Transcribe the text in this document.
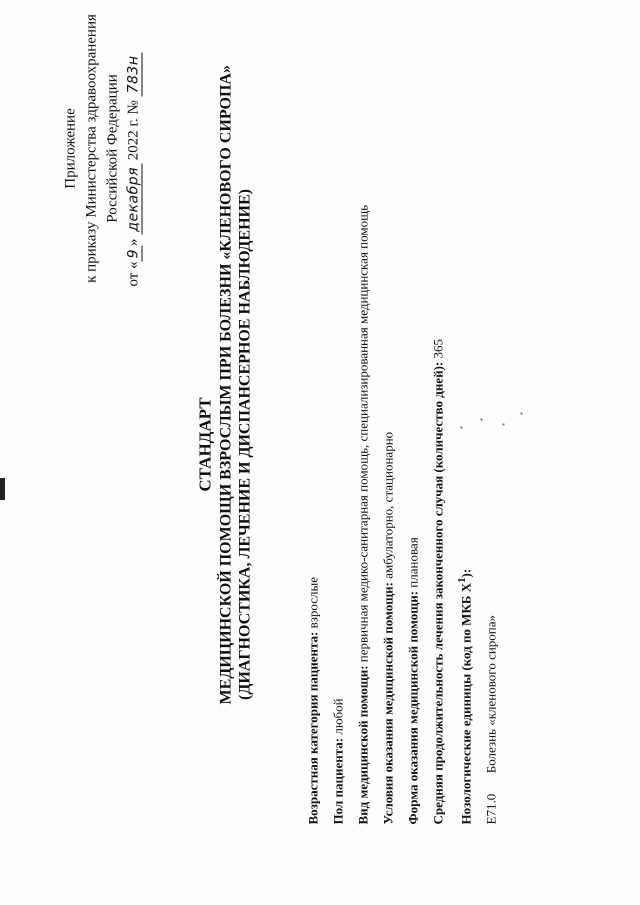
Приложение к приказу Министерства здравоохранения Российской Федерации
от «9» декабря 2022 г. № 783н
СТАНДАРТ МЕДИЦИНСКОЙ ПОМОЩИ ВЗРОСЛЫМ ПРИ БОЛЕЗНИ «КЛЕНОВОГО СИРОПА» (ДИАГНОСТИКА, ЛЕЧЕНИЕ И ДИСПАНСЕРНОЕ НАБЛЮДЕНИЕ)
Возрастная категория пациента: взрослые
Пол пациента: любой Вид медицинской помощи: первичная медико-санитарная помощь, специализированная медицинская помощь
Условия оказания медицинской помощи: амбулаторно, стационарно
Форма оказания медицинской помощи: плановая Средняя продолжительность лечения законченного случая (количество дней): 365
Нозологические единицы (код по МКБ $X^1$):
E71.0 Болезнь «кленового сиропа»
